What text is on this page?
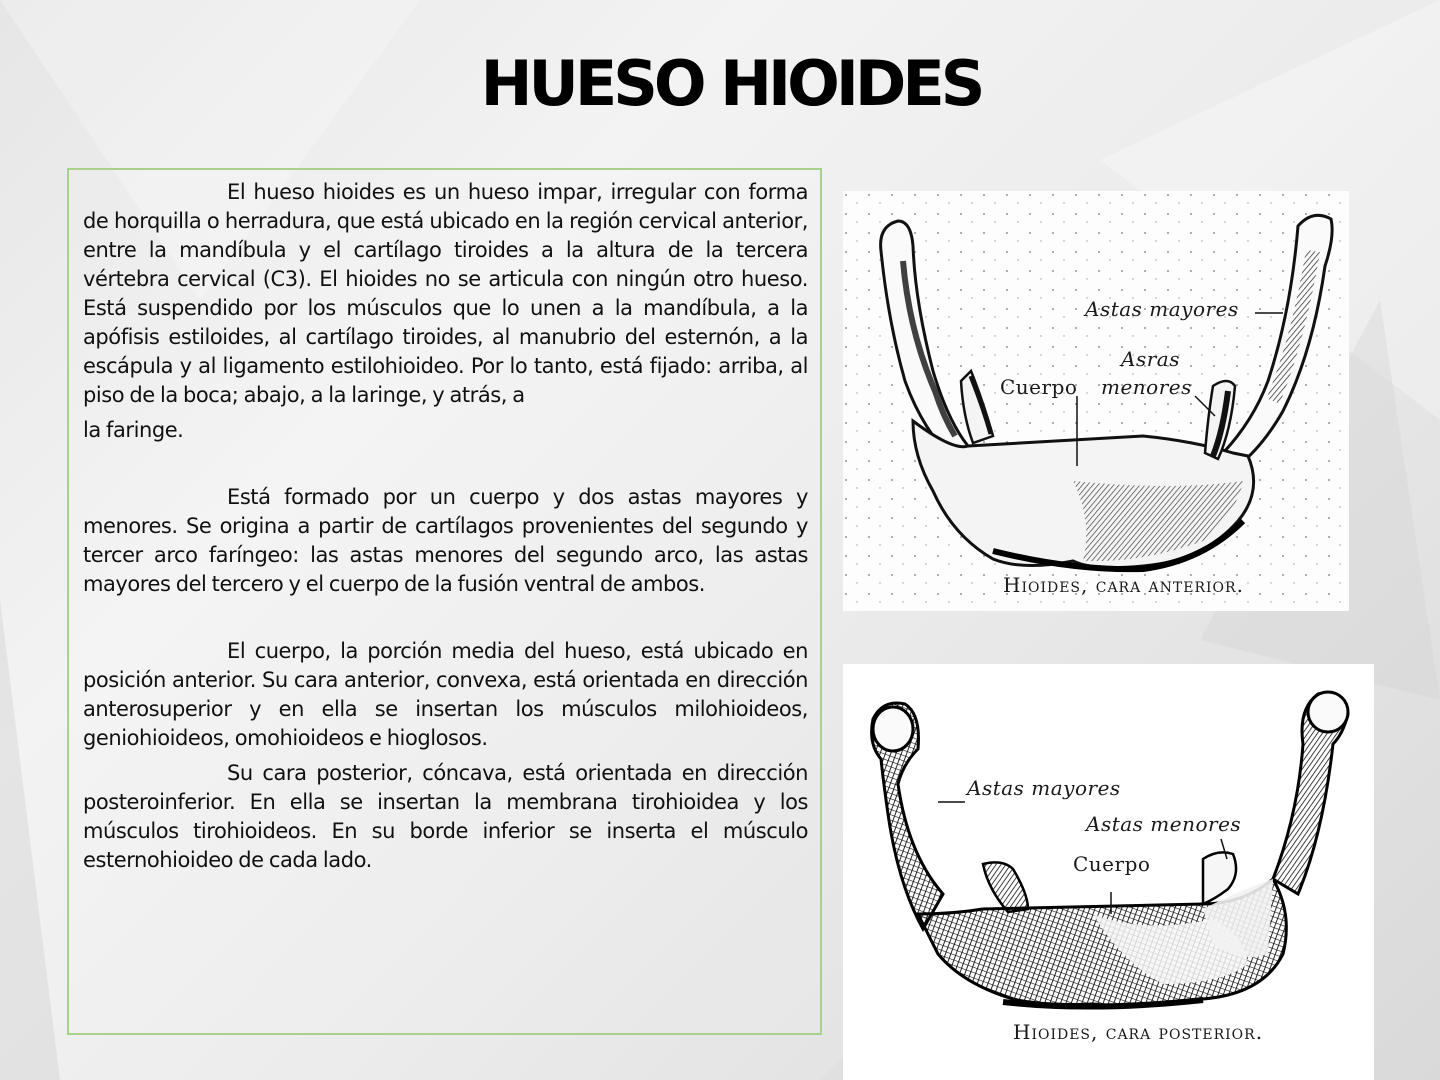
HUESO HIOIDES

El hueso hioides es un hueso impar, irregular con forma de horquilla o herradura, que está ubicado en la región cervical anterior, entre la mandíbula y el cartílago tiroides a la altura de la tercera vértebra cervical (C3). El hioides no se articula con ningún otro hueso. Está suspendido por los músculos que lo unen a la mandíbula, a la apófisis estiloides, al cartílago tiroides, al manubrio del esternón, a la escápula y al ligamento estilohioideo. Por lo tanto, está fijado: arriba, al piso de la boca; abajo, a la laringe, y atrás, a

la faringe.

Está formado por un cuerpo y dos astas mayores y menores. Se origina a partir de cartílagos provenientes del segundo y tercer arco faríngeo: las astas menores del segundo arco, las astas mayores del tercero y el cuerpo de la fusión ventral de ambos.

El cuerpo, la porción media del hueso, está ubicado en posición anterior. Su cara anterior, convexa, está orientada en dirección anterosuperior y en ella se insertan los músculos milohioideos, geniohioideos, omohioideos e hioglosos.

Su cara posterior, cóncava, está orientada en dirección posteroinferior. En ella se insertan la membrana tirohioidea y los músculos tirohioideos. En su borde inferior se inserta el músculo esternohioideo de cada lado.

Astas mayores
Asras
Cuerpo menores
Hioides, cara anterior.
Astas mayores
Astas menores
Cuerpo
Hioides, cara posterior.
